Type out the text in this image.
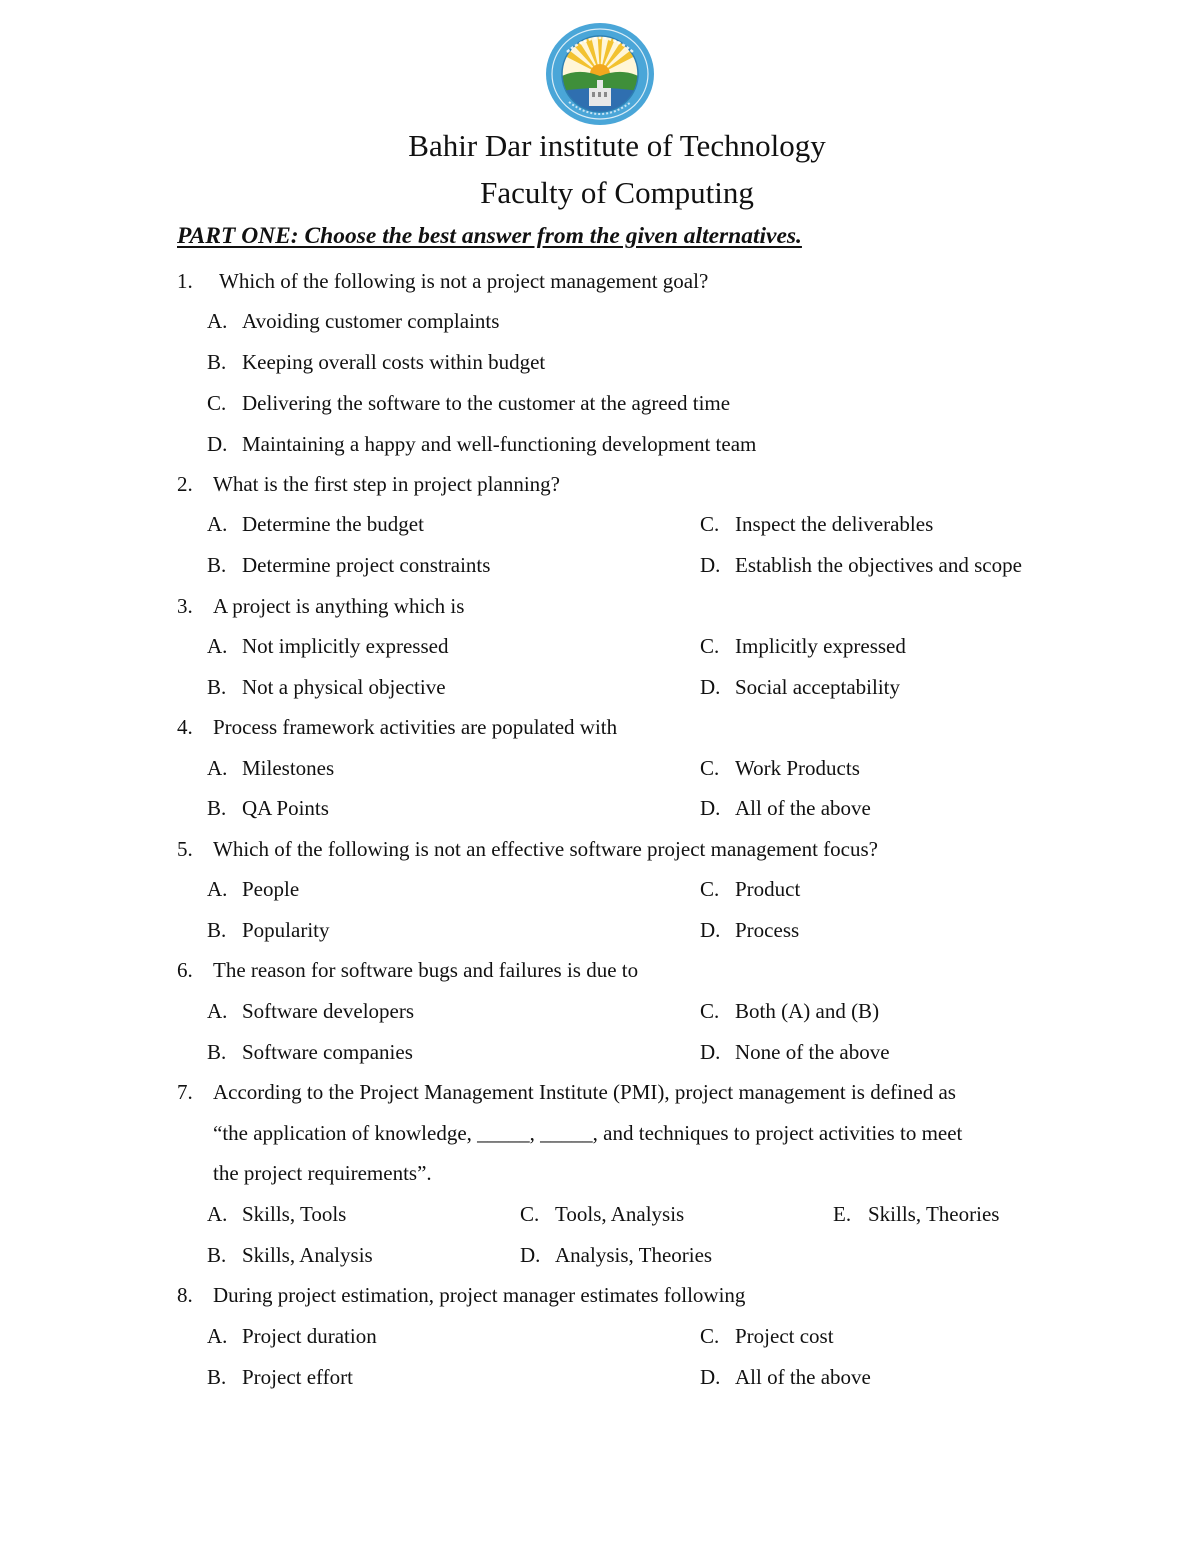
Bahir Dar institute of Technology
Faculty of Computing
PART ONE: Choose the best answer from the given alternatives.
1. Which of the following is not a project management goal?
A. Avoiding customer complaints
B. Keeping overall costs within budget
C. Delivering the software to the customer at the agreed time
D. Maintaining a happy and well-functioning development team
2. What is the first step in project planning?
A. Determine the budget	C. Inspect the deliverables
B. Determine project constraints	D. Establish the objectives and scope
3. A project is anything which is
A. Not implicitly expressed	C. Implicitly expressed
B. Not a physical objective	D. Social acceptability
4. Process framework activities are populated with
A. Milestones	C. Work Products
B. QA Points	D. All of the above
5. Which of the following is not an effective software project management focus?
A. People	C. Product
B. Popularity	D. Process
6. The reason for software bugs and failures is due to
A. Software developers	C. Both (A) and (B)
B. Software companies	D. None of the above
7. According to the Project Management Institute (PMI), project management is defined as
“the application of knowledge, _____, _____, and techniques to project activities to meet
the project requirements”.
A. Skills, Tools	C. Tools, Analysis	E. Skills, Theories
B. Skills, Analysis	D. Analysis, Theories
8. During project estimation, project manager estimates following
A. Project duration	C. Project cost
B. Project effort	D. All of the above
